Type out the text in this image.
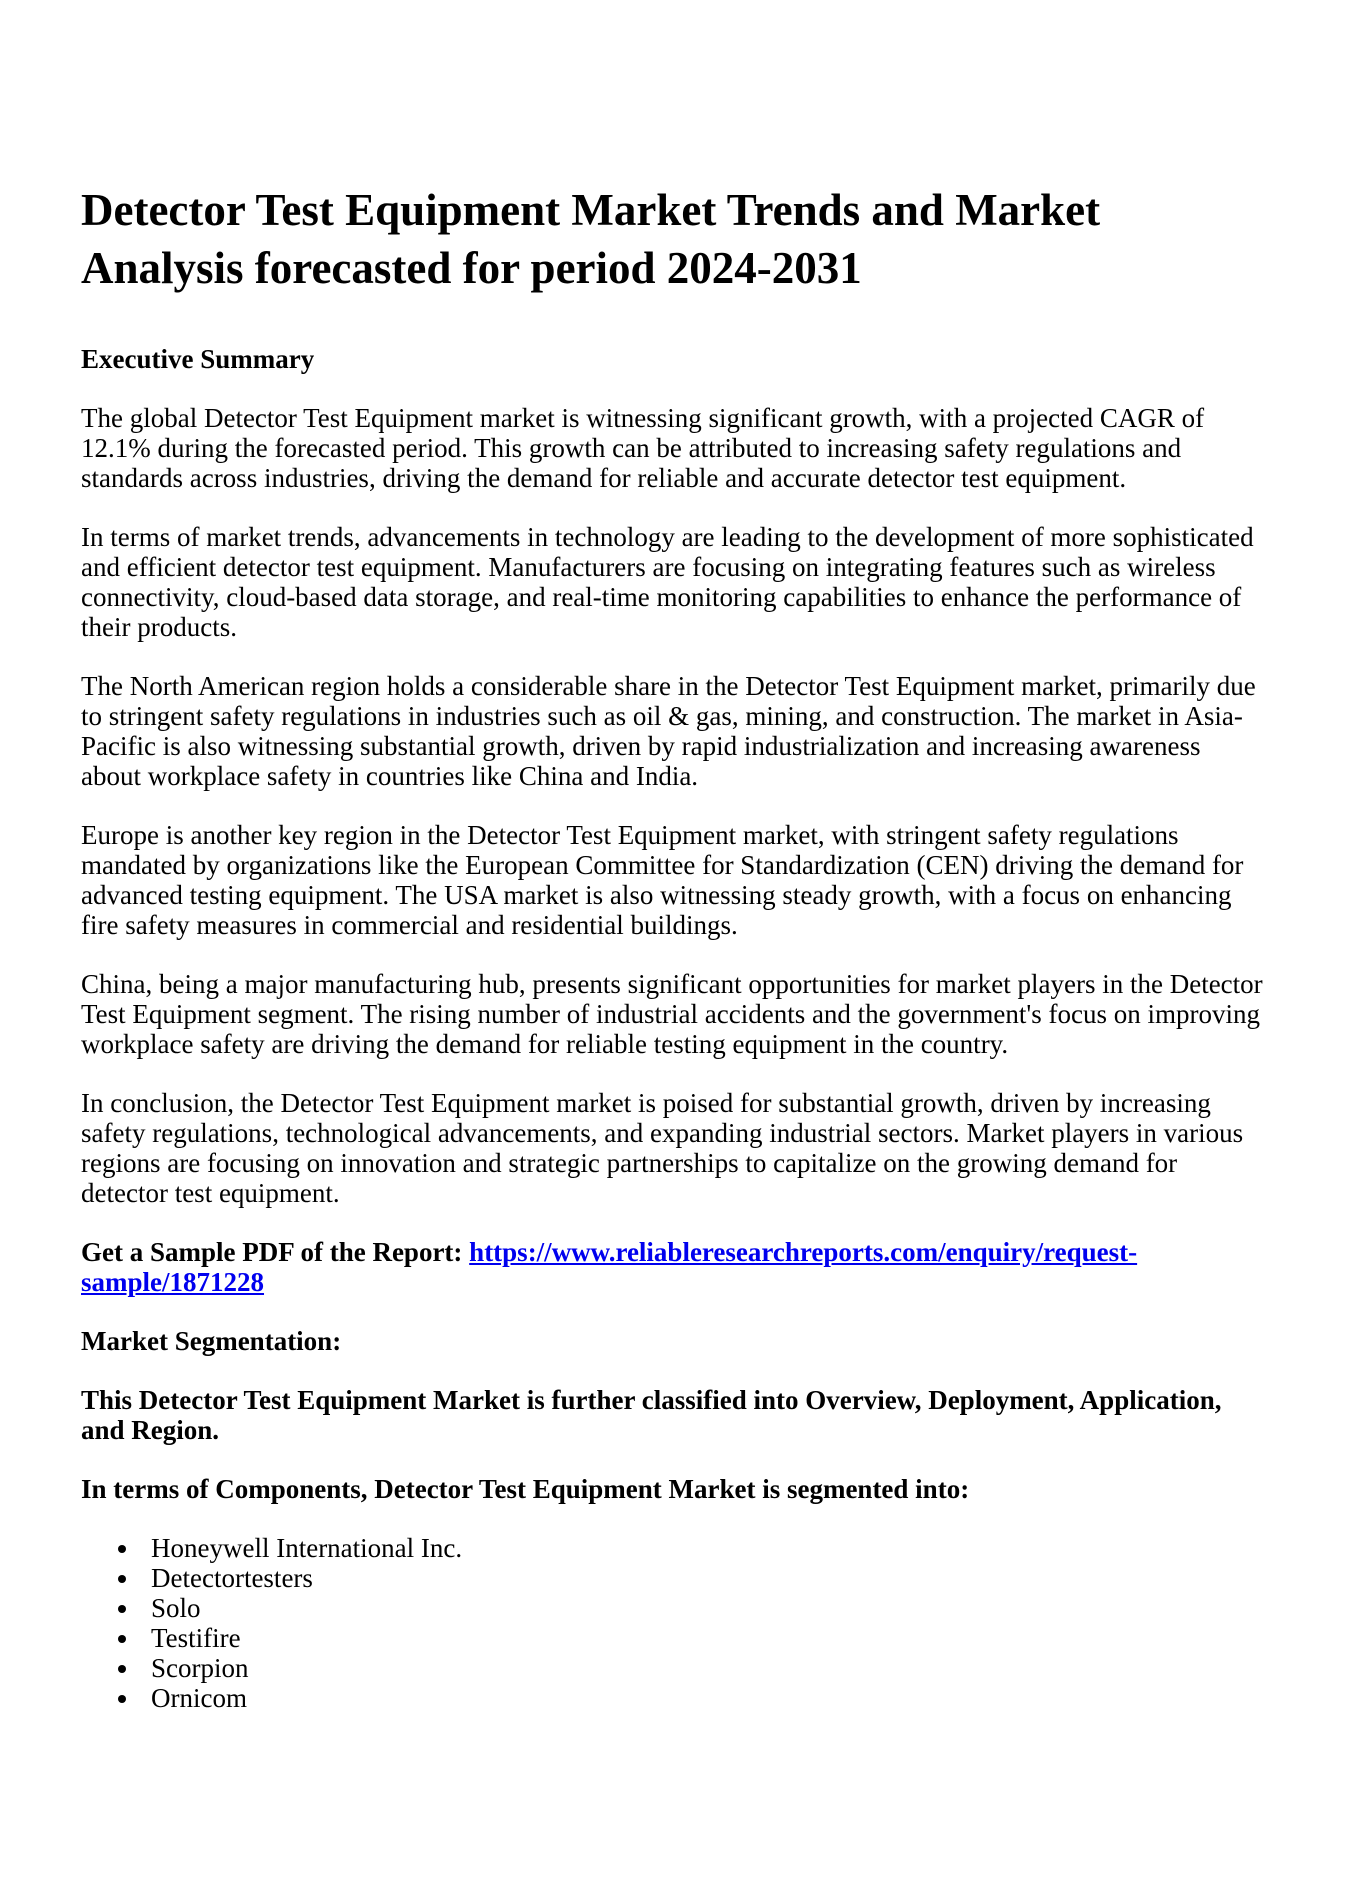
Detector Test Equipment Market Trends and Market Analysis forecasted for period 2024-2031
Executive Summary

The global Detector Test Equipment market is witnessing significant growth, with a projected CAGR of 12.1% during the forecasted period. This growth can be attributed to increasing safety regulations and standards across industries, driving the demand for reliable and accurate detector test equipment.

In terms of market trends, advancements in technology are leading to the development of more sophisticated and efficient detector test equipment. Manufacturers are focusing on integrating features such as wireless connectivity, cloud-based data storage, and real-time monitoring capabilities to enhance the performance of their products.

The North American region holds a considerable share in the Detector Test Equipment market, primarily due to stringent safety regulations in industries such as oil & gas, mining, and construction. The market in Asia-Pacific is also witnessing substantial growth, driven by rapid industrialization and increasing awareness about workplace safety in countries like China and India.

Europe is another key region in the Detector Test Equipment market, with stringent safety regulations mandated by organizations like the European Committee for Standardization (CEN) driving the demand for advanced testing equipment. The USA market is also witnessing steady growth, with a focus on enhancing fire safety measures in commercial and residential buildings.

China, being a major manufacturing hub, presents significant opportunities for market players in the Detector Test Equipment segment. The rising number of industrial accidents and the government's focus on improving workplace safety are driving the demand for reliable testing equipment in the country.

In conclusion, the Detector Test Equipment market is poised for substantial growth, driven by increasing safety regulations, technological advancements, and expanding industrial sectors. Market players in various regions are focusing on innovation and strategic partnerships to capitalize on the growing demand for detector test equipment.

Get a Sample PDF of the Report: https://www.reliableresearchreports.com/enquiry/request-sample/1871228

Market Segmentation:

This Detector Test Equipment Market is further classified into Overview, Deployment, Application, and Region.

In terms of Components, Detector Test Equipment Market is segmented into:

• Honeywell International Inc.
• Detectortesters
• Solo
• Testifire
• Scorpion
• Ornicom
